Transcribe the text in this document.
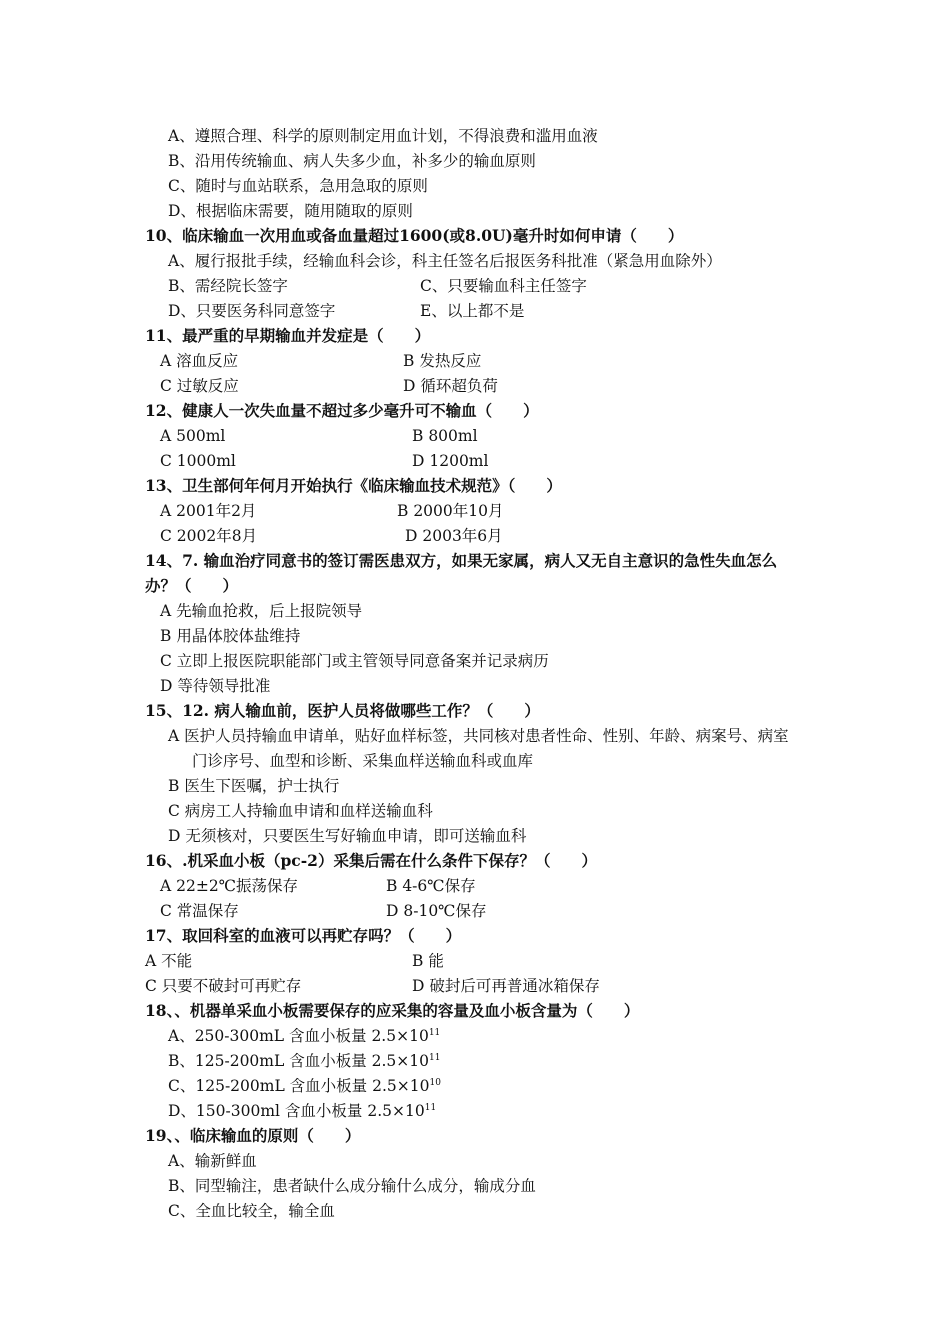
A、遵照合理、科学的原则制定用血计划，不得浪费和滥用血液
B、沿用传统输血、病人失多少血，补多少的输血原则
C、随时与血站联系，急用急取的原则
D、根据临床需要，随用随取的原则
10、临床输血一次用血或备血量超过1600(或8.0U)毫升时如何申请（　　）
A、履行报批手续，经输血科会诊，科主任签名后报医务科批准（紧急用血除外）
B、需经院长签字	C、只要输血科主任签字
D、只要医务科同意签字	E、以上都不是
11、最严重的早期输血并发症是（　　）
A 溶血反应	B 发热反应
C 过敏反应	D 循环超负荷
12、健康人一次失血量不超过多少毫升可不输血（　　）
A 500ml	B 800ml
C 1000ml	D 1200ml
13、卫生部何年何月开始执行《临床输血技术规范》（　　）
A 2001年2月	B 2000年10月
C 2002年8月	D 2003年6月
14、7. 输血治疗同意书的签订需医患双方，如果无家属，病人又无自主意识的急性失血怎么
办？（　　）
A 先输血抢救，后上报院领导
B 用晶体胶体盐维持
C 立即上报医院职能部门或主管领导同意备案并记录病历
D 等待领导批准
15、12. 病人输血前，医护人员将做哪些工作？（　　）
A 医护人员持输血申请单，贴好血样标签，共同核对患者性命、性别、年龄、病案号、病室
门诊序号、血型和诊断、采集血样送输血科或血库
B 医生下医嘱，护士执行
C 病房工人持输血申请和血样送输血科
D 无须核对，只要医生写好输血申请，即可送输血科
16、.机采血小板（pc-2）采集后需在什么条件下保存？（　　）
A 22±2℃振荡保存	B 4-6℃保存
C 常温保存	D 8-10℃保存
17、取回科室的血液可以再贮存吗？（　　）
A 不能	B 能
C 只要不破封可再贮存	D 破封后可再普通冰箱保存
18、、机器单采血小板需要保存的应采集的容量及血小板含量为（　　）
A、250-300mL 含血小板量 $2.5\times 10^{11}$
B、125-200mL 含血小板量 $2.5\times 10^{11}$
C、125-200mL 含血小板量 $2.5\times 10^{10}$
D、150-300ml 含血小板量 $2.5\times 10^{11}$
19、、临床输血的原则（　　）
A、输新鲜血
B、同型输注，患者缺什么成分输什么成分，输成分血
C、全血比较全，输全血
